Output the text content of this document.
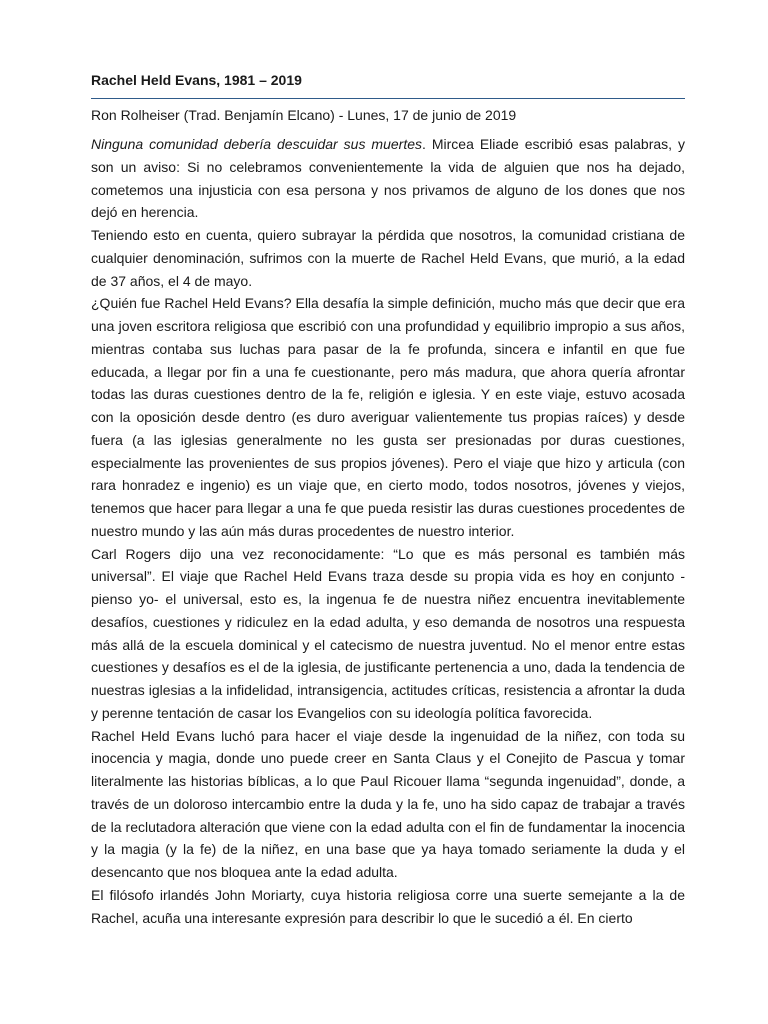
Rachel Held Evans, 1981 – 2019
Ron Rolheiser (Trad. Benjamín Elcano) - Lunes, 17 de junio de 2019

Ninguna comunidad debería descuidar sus muertes. Mircea Eliade escribió esas palabras, y son un aviso: Si no celebramos convenientemente la vida de alguien que nos ha dejado, cometemos una injusticia con esa persona y nos privamos de alguno de los dones que nos dejó en herencia.

Teniendo esto en cuenta, quiero subrayar la pérdida que nosotros, la comunidad cristiana de cualquier denominación, sufrimos con la muerte de Rachel Held Evans, que murió, a la edad de 37 años, el 4 de mayo.

¿Quién fue Rachel Held Evans? Ella desafía la simple definición, mucho más que decir que era una joven escritora religiosa que escribió con una profundidad y equilibrio impropio a sus años, mientras contaba sus luchas para pasar de la fe profunda, sincera e infantil en que fue educada, a llegar por fin a una fe cuestionante, pero más madura, que ahora quería afrontar todas las duras cuestiones dentro de la fe, religión e iglesia. Y en este viaje, estuvo acosada con la oposición desde dentro (es duro averiguar valientemente tus propias raíces) y desde fuera (a las iglesias generalmente no les gusta ser presionadas por duras cuestiones, especialmente las provenientes de sus propios jóvenes). Pero el viaje que hizo y articula (con rara honradez e ingenio) es un viaje que, en cierto modo, todos nosotros, jóvenes y viejos, tenemos que hacer para llegar a una fe que pueda resistir las duras cuestiones procedentes de nuestro mundo y las aún más duras procedentes de nuestro interior.

Carl Rogers dijo una vez reconocidamente: “Lo que es más personal es también más universal”. El viaje que Rachel Held Evans traza desde su propia vida es hoy en conjunto -pienso yo- el universal, esto es, la ingenua fe de nuestra niñez encuentra inevitablemente desafíos, cuestiones y ridiculez en la edad adulta, y eso demanda de nosotros una respuesta más allá de la escuela dominical y el catecismo de nuestra juventud. No el menor entre estas cuestiones y desafíos es el de la iglesia, de justificante pertenencia a uno, dada la tendencia de nuestras iglesias a la infidelidad, intransigencia, actitudes críticas, resistencia a afrontar la duda y perenne tentación de casar los Evangelios con su ideología política favorecida.

Rachel Held Evans luchó para hacer el viaje desde la ingenuidad de la niñez, con toda su inocencia y magia, donde uno puede creer en Santa Claus y el Conejito de Pascua y tomar literalmente las historias bíblicas, a lo que Paul Ricouer llama “segunda ingenuidad”, donde, a través de un doloroso intercambio entre la duda y la fe, uno ha sido capaz de trabajar a través de la reclutadora alteración que viene con la edad adulta con el fin de fundamentar la inocencia y la magia (y la fe) de la niñez, en una base que ya haya tomado seriamente la duda y el desencanto que nos bloquea ante la edad adulta.

El filósofo irlandés John Moriarty, cuya historia religiosa corre una suerte semejante a la de Rachel, acuña una interesante expresión para describir lo que le sucedió a él. En cierto
